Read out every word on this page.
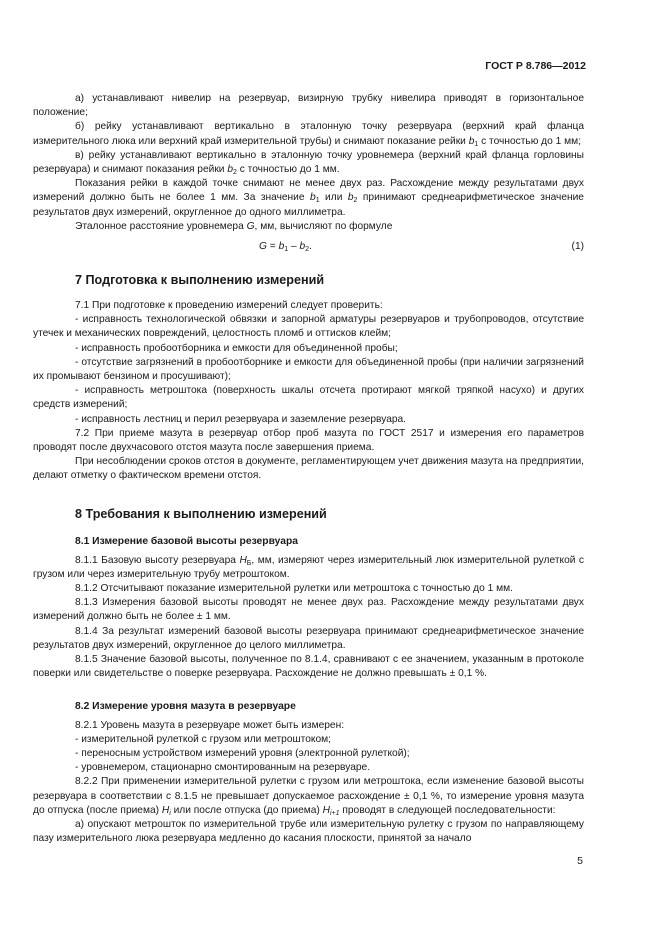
ГОСТ Р 8.786—2012

а) устанавливают нивелир на резервуар, визирную трубку нивелира приводят в горизонтальное положение;

б) рейку устанавливают вертикально в эталонную точку резервуара (верхний край фланца измерительного люка или верхний край измерительной трубы) и снимают показание рейки $b_1$ с точностью до 1 мм;

в) рейку устанавливают вертикально в эталонную точку уровнемера (верхний край фланца горловины резервуара) и снимают показания рейки $b_2$ с точностью до 1 мм.

Показания рейки в каждой точке снимают не менее двух раз. Расхождение между результатами двух измерений должно быть не более 1 мм. За значение $b_1$ или $b_2$ принимают среднеарифметическое значение результатов двух измерений, округленное до одного миллиметра.

Эталонное расстояние уровнемера G, мм, вычисляют по формуле

$G = b_1 - b_2$.	(1)
7 Подготовка к выполнению измерений

7.1 При подготовке к проведению измерений следует проверить:

- исправность технологической обвязки и запорной арматуры резервуаров и трубопроводов, отсутствие утечек и механических повреждений, целостность пломб и оттисков клейм;

- исправность пробоотборника и емкости для объединенной пробы;

- отсутствие загрязнений в пробоотборнике и емкости для объединенной пробы (при наличии загрязнений их промывают бензином и просушивают);

- исправность метроштока (поверхность шкалы отсчета протирают мягкой тряпкой насухо) и других средств измерений;

- исправность лестниц и перил резервуара и заземление резервуара.

7.2 При приеме мазута в резервуар отбор проб мазута по ГОСТ 2517 и измерения его параметров проводят после двухчасового отстоя мазута после завершения приема.

При несоблюдении сроков отстоя в документе, регламентирующем учет движения мазута на предприятии, делают отметку о фактическом времени отстоя.

8 Требования к выполнению измерений
8.1 Измерение базовой высоты резервуара

8.1.1 Базовую высоту резервуара $H_Б$, мм, измеряют через измерительный люк измерительной рулеткой с грузом или через измерительную трубу метроштоком.

8.1.2 Отсчитывают показание измерительной рулетки или метроштока с точностью до 1 мм.

8.1.3 Измерения базовой высоты проводят не менее двух раз. Расхождение между результатами двух измерений должно быть не более ± 1 мм.

8.1.4 За результат измерений базовой высоты резервуара принимают среднеарифметическое значение результатов двух измерений, округленное до целого миллиметра.

8.1.5 Значение базовой высоты, полученное по 8.1.4, сравнивают с ее значением, указанным в протоколе поверки или свидетельстве о поверке резервуара. Расхождение не должно превышать ± 0,1 %.

8.2 Измерение уровня мазута в резервуаре

8.2.1 Уровень мазута в резервуаре может быть измерен:

- измерительной рулеткой с грузом или метроштоком;

- переносным устройством измерений уровня (электронной рулеткой);

- уровнемером, стационарно смонтированным на резервуаре.

8.2.2 При применении измерительной рулетки с грузом или метроштока, если изменение базовой высоты резервуара в соответствии с 8.1.5 не превышает допускаемое расхождение ± 0,1 %, то измерение уровня мазута до отпуска (после приема) $H_i$ или после отпуска (до приема) $H_{i+1}$ проводят в следующей последовательности:

а) опускают метрошток по измерительной трубе или измерительную рулетку с грузом по направляющему пазу измерительного люка резервуара медленно до касания плоскости, принятой за начало

5
